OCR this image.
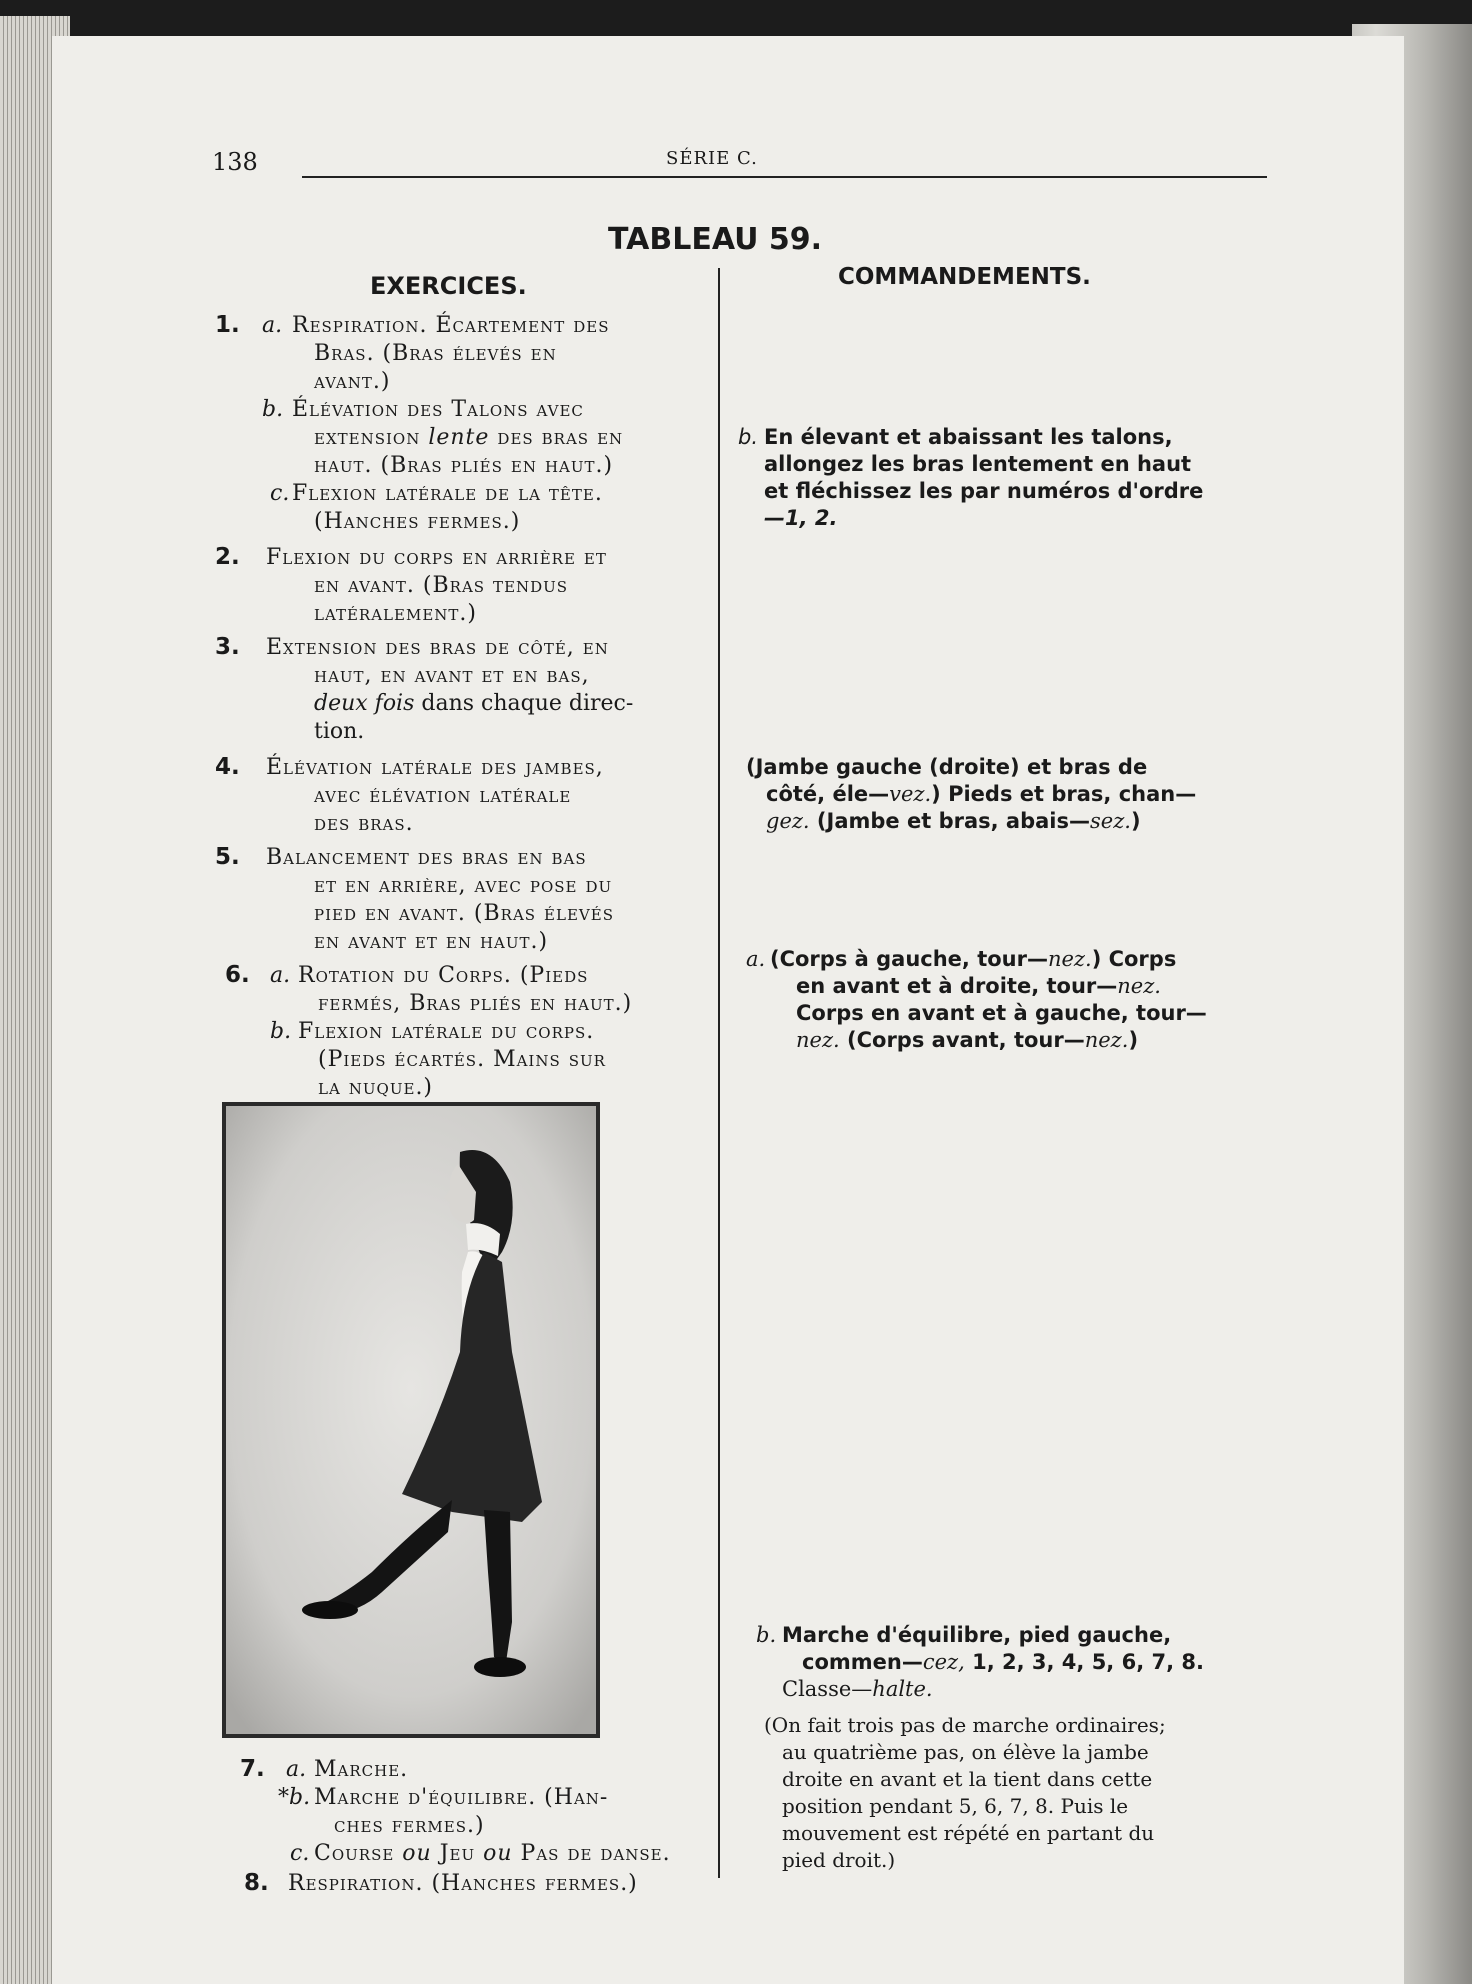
138	SÉRIE C.
TABLEAU 59.
EXERCICES.	COMMANDEMENTS.
1. a. Respiration. Écartement des
Bras. (Bras élevés en
avant.)
b. Élévation des Talons avec
extension lente des bras en
haut. (Bras pliés en haut.)
c. Flexion latérale de la tête.
(Hanches fermes.)
2. Flexion du corps en arrière et
en avant. (Bras tendus
latéralement.)
3. Extension des bras de côté, en
haut, en avant et en bas,
deux fois dans chaque direc-
tion.
4. Élévation latérale des jambes,
avec élévation latérale
des bras.
5. Balancement des bras en bas
et en arrière, avec pose du
pied en avant. (Bras élevés
en avant et en haut.)
6. a. Rotation du Corps. (Pieds
fermés, Bras pliés en haut.)
b. Flexion latérale du corps.
(Pieds écartés. Mains sur
la nuque.)
7. a. Marche.
*b. Marche d'équilibre. (Han-
ches fermes.)
c. Course ou Jeu ou Pas de danse.
8. Respiration. (Hanches fermes.)
b. En élevant et abaissant les talons,
allongez les bras lentement en haut
et fléchissez les par numéros d'ordre
—1, 2.
(Jambe gauche (droite) et bras de
côté, éle—vez.) Pieds et bras, chan—
gez. (Jambe et bras, abais—sez.)
a. (Corps à gauche, tour—nez.) Corps
en avant et à droite, tour—nez.
Corps en avant et à gauche, tour—
nez. (Corps avant, tour—nez.)
b. Marche d'équilibre, pied gauche,
commen—cez, 1, 2, 3, 4, 5, 6, 7, 8.
Classe—halte.
(On fait trois pas de marche ordinaires;
au quatrième pas, on élève la jambe
droite en avant et la tient dans cette
position pendant 5, 6, 7, 8. Puis le
mouvement est répété en partant du
pied droit.)
